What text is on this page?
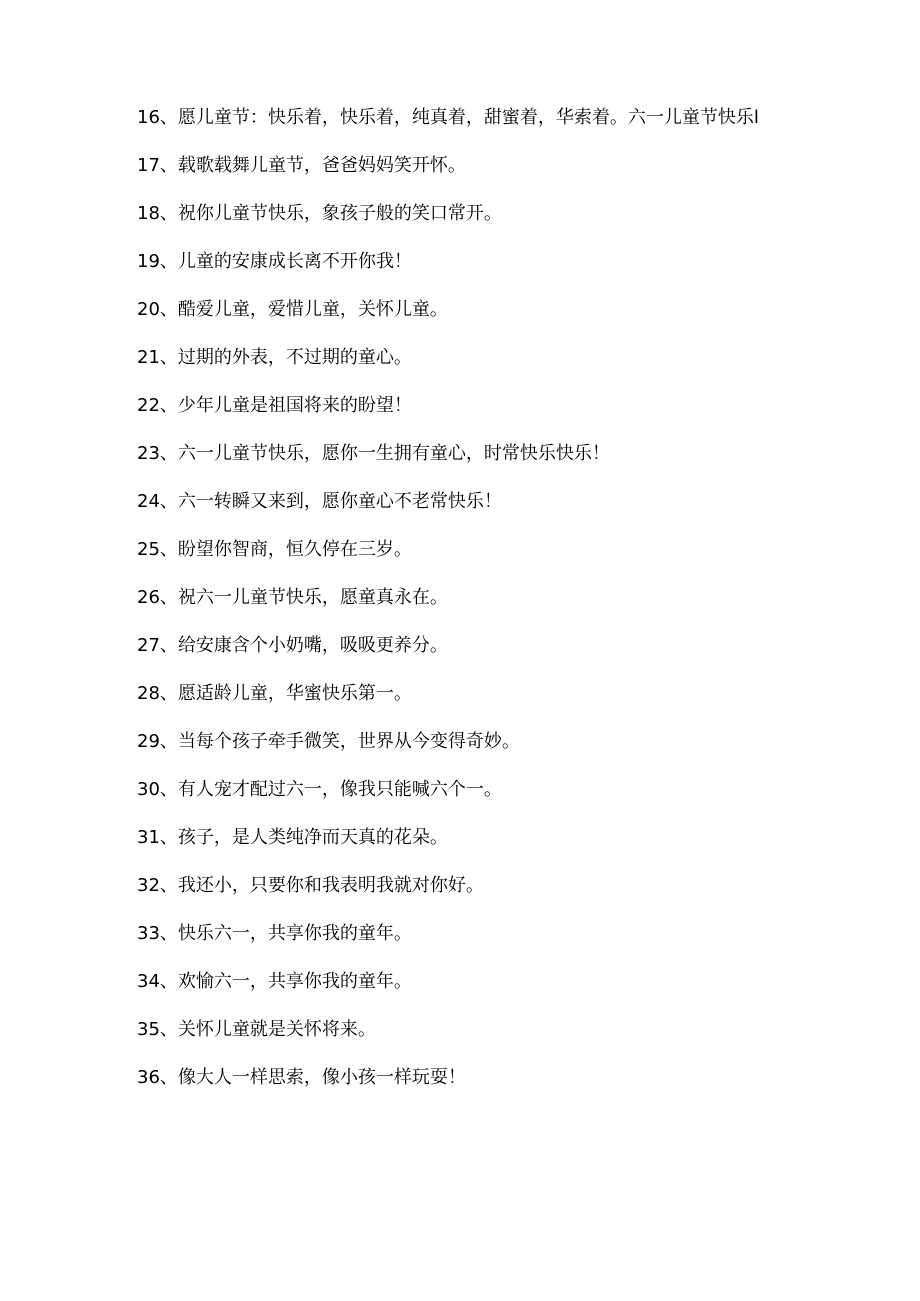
16、愿儿童节：快乐着，快乐着，纯真着，甜蜜着，华索着。六一儿童节快乐l

17、载歌载舞儿童节，爸爸妈妈笑开怀。

18、祝你儿童节快乐，象孩子般的笑口常开。

19、儿童的安康成长离不开你我！

20、酷爱儿童，爱惜儿童，关怀儿童。

21、过期的外表，不过期的童心。

22、少年儿童是祖国将来的盼望！

23、六一儿童节快乐，愿你一生拥有童心，时常快乐快乐！

24、六一转瞬又来到，愿你童心不老常快乐！

25、盼望你智商，恒久停在三岁。

26、祝六一儿童节快乐，愿童真永在。

27、给安康含个小奶嘴，吸吸更养分。

28、愿适龄儿童，华蜜快乐第一。

29、当每个孩子牵手微笑，世界从今变得奇妙。

30、有人宠才配过六一，像我只能喊六个一。

31、孩子，是人类纯净而天真的花朵。

32、我还小，只要你和我表明我就对你好。

33、快乐六一，共享你我的童年。

34、欢愉六一，共享你我的童年。

35、关怀儿童就是关怀将来。

36、像大人一样思索，像小孩一样玩耍！
